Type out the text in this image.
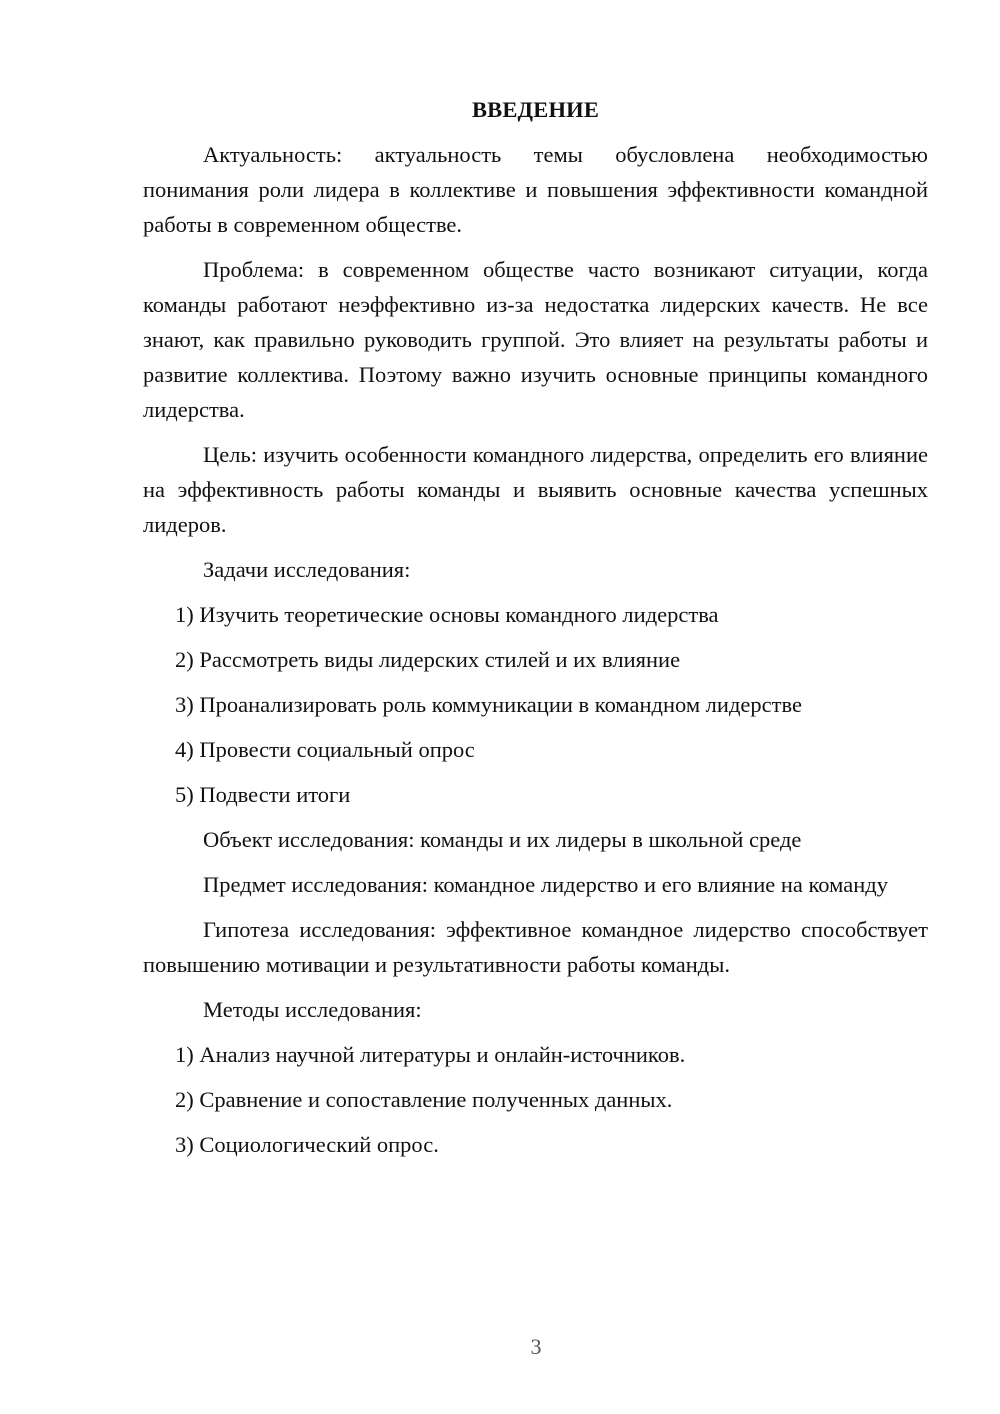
ВВЕДЕНИЕ
Актуальность: актуальность темы обусловлена необходимостью понимания роли лидера в коллективе и повышения эффективности командной работы в современном обществе.
Проблема: в современном обществе часто возникают ситуации, когда команды работают неэффективно из-за недостатка лидерских качеств. Не все знают, как правильно руководить группой. Это влияет на результаты работы и развитие коллектива. Поэтому важно изучить основные принципы командного лидерства.
Цель: изучить особенности командного лидерства, определить его влияние на эффективность работы команды и выявить основные качества успешных лидеров.
Задачи исследования:
1) Изучить теоретические основы командного лидерства
2) Рассмотреть виды лидерских стилей и их влияние
3) Проанализировать роль коммуникации в командном лидерстве
4) Провести социальный опрос
5) Подвести итоги
Объект исследования: команды и их лидеры в школьной среде
Предмет исследования: командное лидерство и его влияние на команду
Гипотеза исследования: эффективное командное лидерство способствует повышению мотивации и результативности работы команды.
Методы исследования:
1) Анализ научной литературы и онлайн-источников.
2) Сравнение и сопоставление полученных данных.
3) Социологический опрос.
3
